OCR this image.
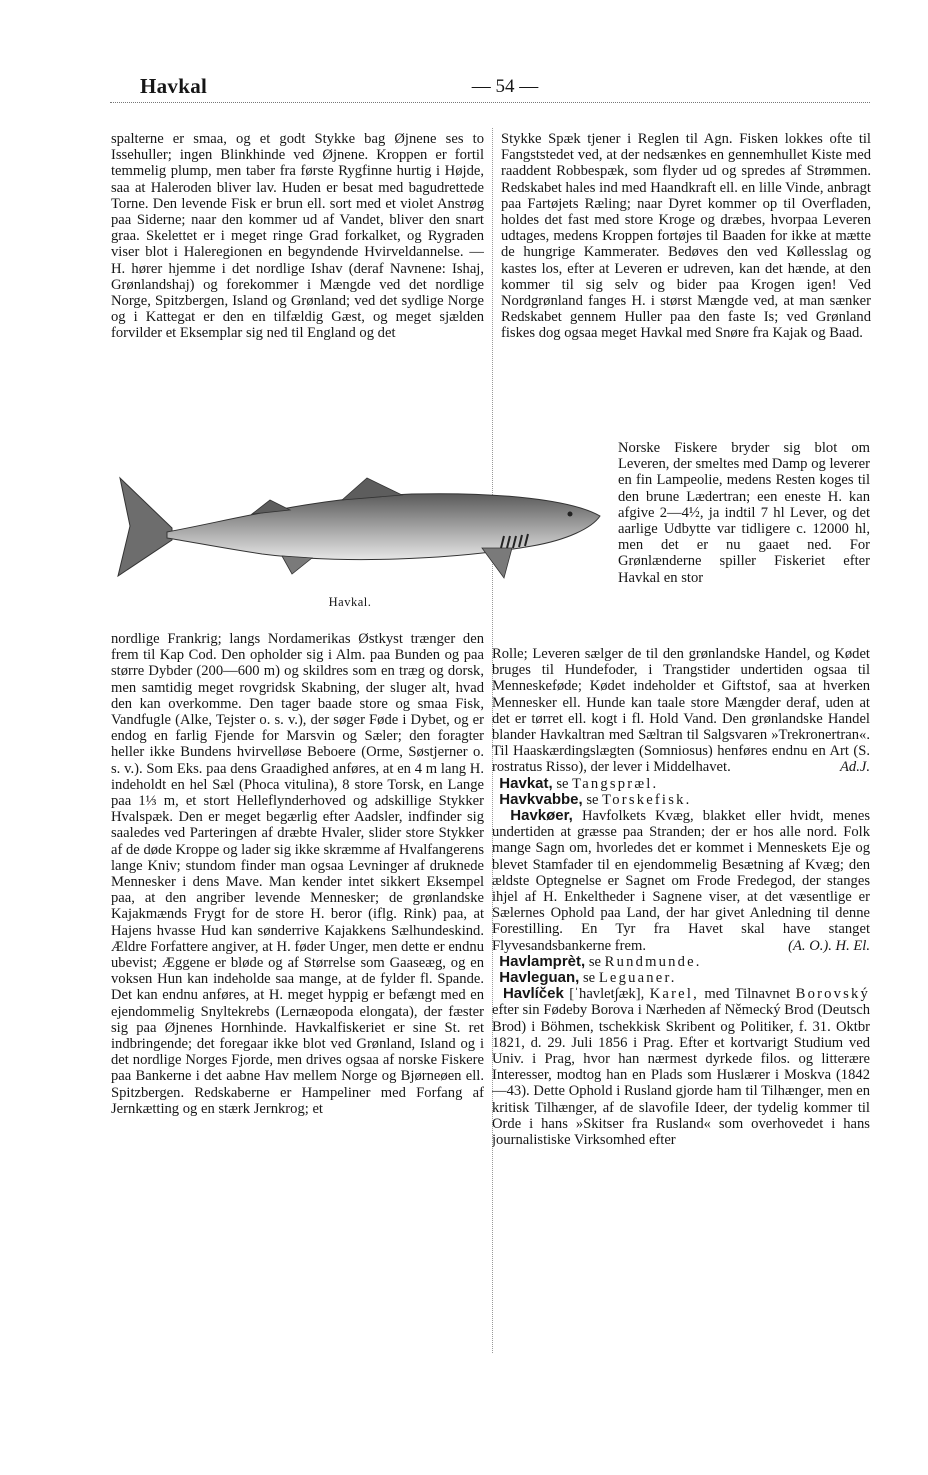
Havkal	— 54 —

spalterne er smaa, og et godt Stykke bag Øjnene ses to Issehuller; ingen Blinkhinde ved Øjnene. Kroppen er fortil temmelig plump, men taber fra første Rygfinne hurtig i Højde, saa at Haleroden bliver lav. Huden er besat med bagudrettede Torne. Den levende Fisk er brun ell. sort med et violet Anstrøg paa Siderne; naar den kommer ud af Vandet, bliver den snart graa. Skelettet er i meget ringe Grad forkalket, og Rygraden viser blot i Haleregionen en begyndende Hvirveldannelse. — H. hører hjemme i det nordlige Ishav (deraf Navnene: Ishaj, Grønlandshaj) og forekommer i Mængde ved det nordlige Norge, Spitzbergen, Island og Grønland; ved det sydlige Norge og i Kattegat er den en tilfældig Gæst, og meget sjælden forvilder et Eksemplar sig ned til England og det

Havkal.

nordlige Frankrig; langs Nordamerikas Østkyst trænger den frem til Kap Cod. Den opholder sig i Alm. paa Bunden og paa større Dybder (200—600 m) og skildres som en træg og dorsk, men samtidig meget rovgridsk Skabning, der sluger alt, hvad den kan overkomme. Den tager baade store og smaa Fisk, Vandfugle (Alke, Tejster o. s. v.), der søger Føde i Dybet, og er endog en farlig Fjende for Marsvin og Sæler; den foragter heller ikke Bundens hvirvelløse Beboere (Orme, Søstjerner o. s. v.). Som Eks. paa dens Graadighed anføres, at en 4 m lang H. indeholdt en hel Sæl (Phoca vitulina), 8 store Torsk, en Lange paa 1⅓ m, et stort Helleflynderhoved og adskillige Stykker Hvalspæk. Den er meget begærlig efter Aadsler, indfinder sig saaledes ved Parteringen af dræbte Hvaler, slider store Stykker af de døde Kroppe og lader sig ikke skræmme af Hvalfangerens lange Kniv; stundom finder man ogsaa Levninger af druknede Mennesker i dens Mave. Man kender intet sikkert Eksempel paa, at den angriber levende Mennesker; de grønlandske Kajakmænds Frygt for de store H. beror (iflg. Rink) paa, at Hajens hvasse Hud kan sønderrive Kajakkens Sælhundeskind. Ældre Forfattere angiver, at H. føder Unger, men dette er endnu ubevist; Æggene er bløde og af Størrelse som Gaaseæg, og en voksen Hun kan indeholde saa mange, at de fylder fl. Spande. Det kan endnu anføres, at H. meget hyppig er befængt med en ejendommelig Snyltekrebs (Lernæopoda elongata), der fæster sig paa Øjnenes Hornhinde. Havkalfiskeriet er sine St. ret indbringende; det foregaar ikke blot ved Grønland, Island og i det nordlige Norges Fjorde, men drives ogsaa af norske Fiskere paa Bankerne i det aabne Hav mellem Norge og Bjørneøen ell. Spitzbergen. Redskaberne er Hampeliner med Forfang af Jernkætting og en stærk Jernkrog; et

Stykke Spæk tjener i Reglen til Agn. Fisken lokkes ofte til Fangststedet ved, at der nedsænkes en gennemhullet Kiste med raaddent Robbespæk, som flyder ud og spredes af Strømmen. Redskabet hales ind med Haandkraft ell. en lille Vinde, anbragt paa Fartøjets Ræling; naar Dyret kommer op til Overfladen, holdes det fast med store Kroge og dræbes, hvorpaa Leveren udtages, medens Kroppen fortøjes til Baaden for ikke at mætte de hungrige Kammerater. Bedøves den ved Køllesslag og kastes los, efter at Leveren er udreven, kan det hænde, at den kommer til sig selv og bider paa Krogen igen! Ved Nordgrønland fanges H. i størst Mængde ved, at man sænker Redskabet gennem Huller paa den faste Is; ved Grønland fiskes dog ogsaa meget Havkal med Snøre fra Kajak og Baad.

Norske Fiskere bryder sig blot om Leveren, der smeltes med Damp og leverer en fin Lampeolie, medens Resten koges til den brune Lædertran; een eneste H. kan afgive 2—4½, ja indtil 7 hl Lever, og det aarlige Udbytte var tidligere c. 12000 hl, men det er nu gaaet ned. For Grønlænderne spiller Fiskeriet efter Havkal en stor

Rolle; Leveren sælger de til den grønlandske Handel, og Kødet bruges til Hundefoder, i Trangstider undertiden ogsaa til Menneskeføde; Kødet indeholder et Giftstof, saa at hverken Mennesker ell. Hunde kan taale store Mængder deraf, uden at det er tørret ell. kogt i fl. Hold Vand. Den grønlandske Handel blander Havkaltran med Sæltran til Salgsvaren »Trekronertran«. Til Haaskærdingslægten (Somniosus) henføres endnu en Art (S. rostratus Risso), der lever i Middelhavet.	Ad.J.

Havkat, se Tangspræl.

Havkvabbe, se Torskefisk.

Havkøer, Havfolkets Kvæg, blakket eller hvidt, menes undertiden at græsse paa Stranden; der er hos alle nord. Folk mange Sagn om, hvorledes det er kommet i Menneskets Eje og blevet Stamfader til en ejendommelig Besætning af Kvæg; den ældste Optegnelse er Sagnet om Frode Fredegod, der stanges ihjel af H. Enkeltheder i Sagnene viser, at det væsentlige er Sælernes Ophold paa Land, der har givet Anledning til denne Forestilling. En Tyr fra Havet skal have stanget Flyvesandsbankerne frem.	(A. O.). H. El.

Havlamprèt, se Rundmunde.

Havleguan, se Leguaner.

Havlíček [ˈhavlet∫æk], Karel, med Tilnavnet Borovský efter sin Fødeby Borova i Nærheden af Německý Brod (Deutsch Brod) i Böhmen, tschekkisk Skribent og Politiker, f. 31. Oktbr 1821, d. 29. Juli 1856 i Prag. Efter et kortvarigt Studium ved Univ. i Prag, hvor han nærmest dyrkede filos. og litterære Interesser, modtog han en Plads som Huslærer i Moskva (1842—43). Dette Ophold i Rusland gjorde ham til Tilhænger, men en kritisk Tilhænger, af de slavofile Ideer, der tydelig kommer til Orde i hans »Skitser fra Rusland« som overhovedet i hans journalistiske Virksomhed efter
